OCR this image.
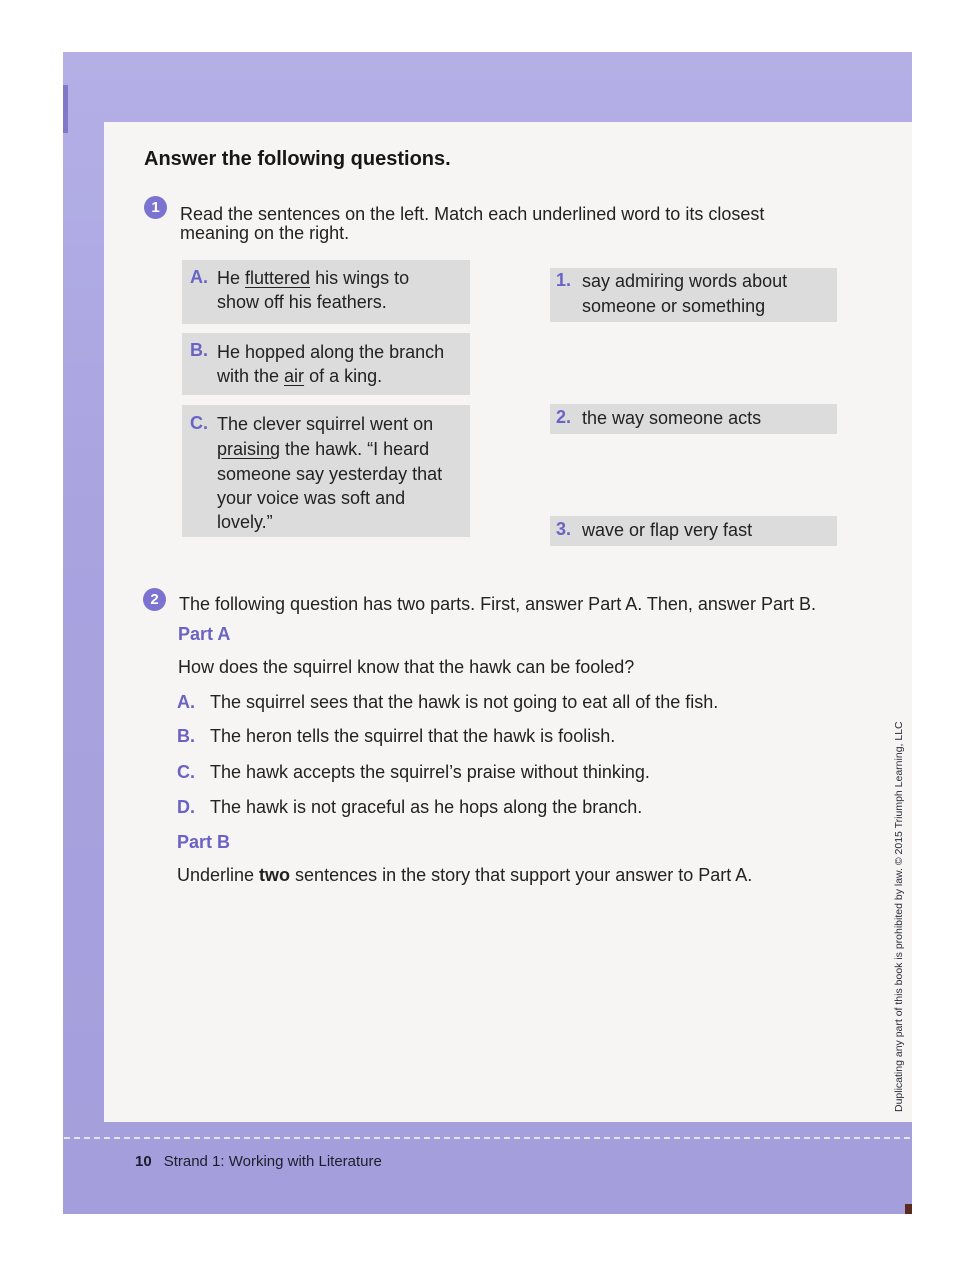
Answer the following questions.
1	Read the sentences on the left. Match each underlined word to its closest
meaning on the right.
A. He fluttered his wings to
show off his feathers.
B. He hopped along the branch
with the air of a king.
C. The clever squirrel went on
praising the hawk. “I heard
someone say yesterday that
your voice was soft and
lovely.”
1. say admiring words about
someone or something
2. the way someone acts
3. wave or flap very fast
2	The following question has two parts. First, answer Part A. Then, answer Part B.
Part A
How does the squirrel know that the hawk can be fooled?
A. The squirrel sees that the hawk is not going to eat all of the fish.
B. The heron tells the squirrel that the hawk is foolish.
C. The hawk accepts the squirrel’s praise without thinking.
D. The hawk is not graceful as he hops along the branch.
Part B
Underline two sentences in the story that support your answer to Part A.	Duplicating any part of this book is prohibited by law. © 2015 Triumph Learning, LLC
10 Strand 1: Working with Literature
